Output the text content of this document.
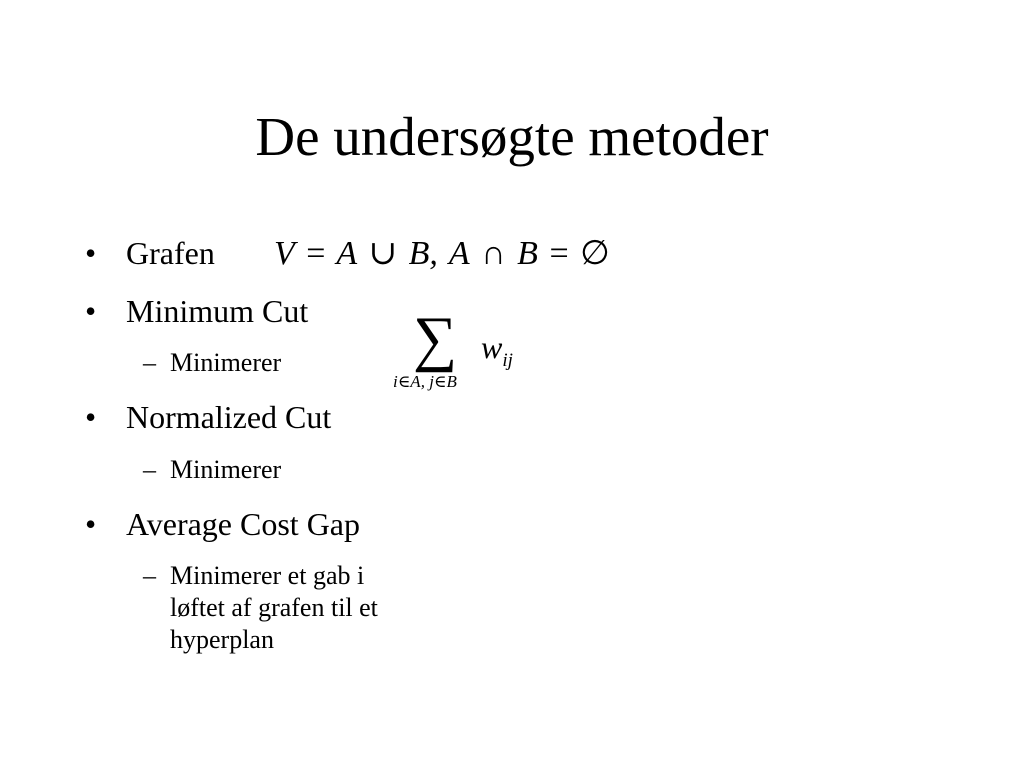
De undersøgte metoder
• Grafen V = A ∪ B, A ∩ B = ∅
• Minimum Cut
– Minimerer ∑
i∈A, j∈B
$w_{ij}$
• Normalized Cut
– Minimerer
• Average Cost Gap
– Minimerer et gab i
løftet af grafen til et
hyperplan
